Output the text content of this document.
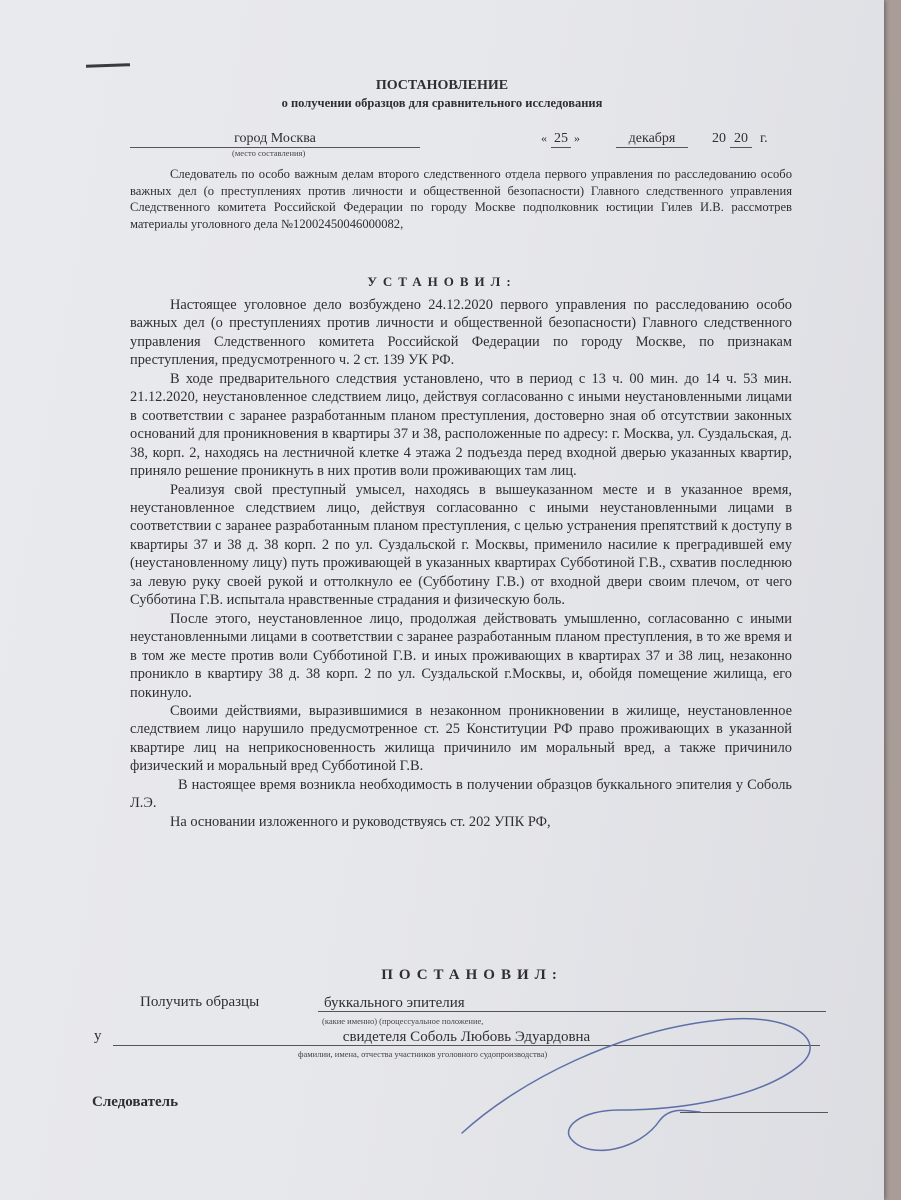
ПОСТАНОВЛЕНИЕ
о получении образцов для сравнительного исследования
город Москва
(место составления)
« 25 »	декабря	20 20 г.

Следователь по особо важным делам второго следственного отдела первого управления по расследованию особо важных дел (о преступлениях против личности и общественной безопасности) Главного следственного управления Следственного комитета Российской Федерации по городу Москве подполковник юстиции Гилев И.В. рассмотрев материалы уголовного дела №12002450046000082,

УСТАНОВИЛ:

Настоящее уголовное дело возбуждено 24.12.2020 первого управления по расследованию особо важных дел (о преступлениях против личности и общественной безопасности) Главного следственного управления Следственного комитета Российской Федерации по городу Москве, по признакам преступления, предусмотренного ч. 2 ст. 139 УК РФ.

В ходе предварительного следствия установлено, что в период с 13 ч. 00 мин. до 14 ч. 53 мин. 21.12.2020, неустановленное следствием лицо, действуя согласованно с иными неустановленными лицами в соответствии с заранее разработанным планом преступления, достоверно зная об отсутствии законных оснований для проникновения в квартиры 37 и 38, расположенные по адресу: г. Москва, ул. Суздальская, д. 38, корп. 2, находясь на лестничной клетке 4 этажа 2 подъезда перед входной дверью указанных квартир, приняло решение проникнуть в них против воли проживающих там лиц.

Реализуя свой преступный умысел, находясь в вышеуказанном месте и в указанное время, неустановленное следствием лицо, действуя согласованно с иными неустановленными лицами в соответствии с заранее разработанным планом преступления, с целью устранения препятствий к доступу в квартиры 37 и 38 д. 38 корп. 2 по ул. Суздальской г. Москвы, применило насилие к преградившей ему (неустановленному лицу) путь проживающей в указанных квартирах Субботиной Г.В., схватив последнюю за левую руку своей рукой и оттолкнуло ее (Субботину Г.В.) от входной двери своим плечом, от чего Субботина Г.В. испытала нравственные страдания и физическую боль.

После этого, неустановленное лицо, продолжая действовать умышленно, согласованно с иными неустановленными лицами в соответствии с заранее разработанным планом преступления, в то же время и в том же месте против воли Субботиной Г.В. и иных проживающих в квартирах 37 и 38 лиц, незаконно проникло в квартиру 38 д. 38 корп. 2 по ул. Суздальской г.Москвы, и, обойдя помещение жилища, его покинуло.

Своими действиями, выразившимися в незаконном проникновении в жилище, неустановленное следствием лицо нарушило предусмотренное ст. 25 Конституции РФ право проживающих в указанной квартире лиц на неприкосновенность жилища причинило им моральный вред, а также причинило физический и моральный вред Субботиной Г.В.

В настоящее время возникла необходимость в получении образцов буккального эпителия у Соболь Л.Э.

На основании изложенного и руководствуясь ст. 202 УПК РФ,

ПОСТАНОВИЛ:
Получить образцы	буккального эпителия
(какие именно) (процессуальное положение,
у	свидетеля Соболь Любовь Эдуардовна
фамилии, имена, отчества участников уголовного судопроизводства)
Следователь
